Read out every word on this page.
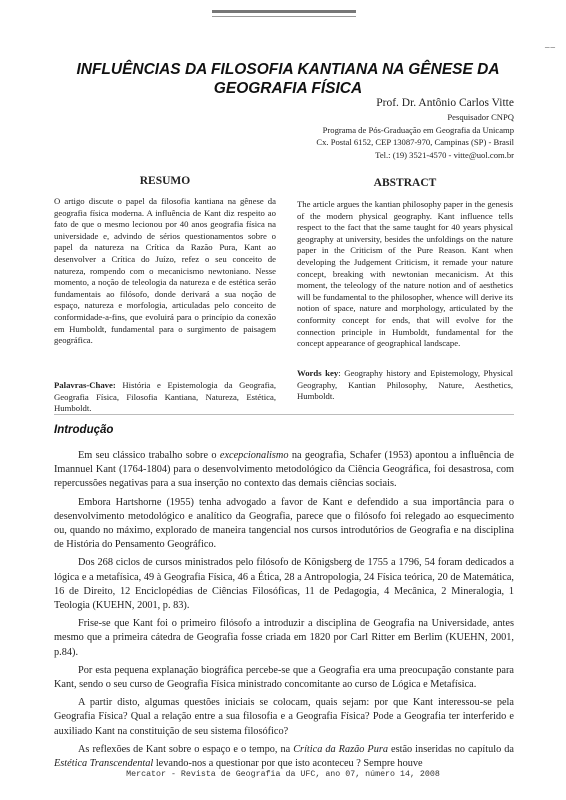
––
INFLUÊNCIAS DA FILOSOFIA KANTIANA NA GÊNESE DA
GEOGRAFIA FÍSICA
Prof. Dr. Antônio Carlos Vitte
Pesquisador CNPQ
Programa de Pós-Graduação em Geografia da Unicamp
Cx. Postal 6152, CEP 13087-970, Campinas (SP) - Brasil
Tel.: (19) 3521-4570 - vitte@uol.com.br
RESUMO

O artigo discute o papel da filosofia kantiana na gênese da geografia física moderna. A influência de Kant diz respeito ao fato de que o mesmo lecionou por 40 anos geografia física na universidade e, advindo de sérios questionamentos sobre o papel da natureza na Crítica da Razão Pura, Kant ao desenvolver a Crítica do Juízo, refez o seu conceito de natureza, rompendo com o mecanicismo newtoniano. Nesse momento, a noção de teleologia da natureza e de estética serão fundamentais ao filósofo, donde derivará a sua noção de espaço, natureza e morfologia, articuladas pelo conceito de conformidade-a-fins, que evoluirá para o princípio da conexão em Humboldt, fundamental para o surgimento de paisagem geográfica.

ABSTRACT

The article argues the kantian philosophy paper in the genesis of the modern physical geography. Kant influence tells respect to the fact that the same taught for 40 years physical geography at university, besides the unfoldings on the nature paper in the Criticism of the Pure Reason. Kant when developing the Judgement Criticism, it remade your nature concept, breaking with newtonian mecanicism. At this moment, the teleology of the nature notion and of aesthetics will be fundamental to the philosopher, whence will derive its notion of space, nature and morphology, articulated by the conformity concept for ends, that will evolve for the connection principle in Humboldt, fundamental for the concept appearance of geographical landscape.

Palavras-Chave: História e Epistemologia da Geografia, Geografia Física, Filosofia Kantiana, Natureza, Estética, Humboldt.

Words key: Geography history and Epistemology, Physical Geography, Kantian Philosophy, Nature, Aesthetics, Humboldt.

Introdução

Em seu clássico trabalho sobre o excepcionalismo na geografia, Schafer (1953) apontou a influência de Imannuel Kant (1764-1804) para o desenvolvimento metodológico da Ciência Geográfica, foi desastrosa, com repercussões negativas para a sua inserção no contexto das demais ciências sociais.

Embora Hartshorne (1955) tenha advogado a favor de Kant e defendido a sua importância para o desenvolvimento metodológico e analítico da Geografia, parece que o filósofo foi relegado ao esquecimento ou, quando no máximo, explorado de maneira tangencial nos cursos introdutórios de Geografia e na disciplina de História do Pensamento Geográfico.

Dos 268 ciclos de cursos ministrados pelo filósofo de Königsberg de 1755 a 1796, 54 foram dedicados a lógica e a metafísica, 49 à Geografia Física, 46 a Ética, 28 a Antropologia, 24 Física teórica, 20 de Matemática, 16 de Direito, 12 Enciclopédias de Ciências Filosóficas, 11 de Pedagogia, 4 Mecânica, 2 Mineralogia, 1 Teologia (KUEHN, 2001, p. 83).

Frise-se que Kant foi o primeiro filósofo a introduzir a disciplina de Geografia na Universidade, antes mesmo que a primeira cátedra de Geografia fosse criada em 1820 por Carl Ritter em Berlim (KUEHN, 2001, p.84).

Por esta pequena explanação biográfica percebe-se que a Geografia era uma preocupação constante para Kant, sendo o seu curso de Geografia Física ministrado concomitante ao curso de Lógica e Metafísica.

A partir disto, algumas questões iniciais se colocam, quais sejam: por que Kant interessou-se pela Geografia Física? Qual a relação entre a sua filosofia e a Geografia Física? Pode a Geografia ter interferido e auxiliado Kant na constituição de seu sistema filosófico?

As reflexões de Kant sobre o espaço e o tempo, na Crítica da Razão Pura estão inseridas no capítulo da Estética Transcendental levando-nos a questionar por que isto aconteceu ? Sempre houve

Mercator - Revista de Geografia da UFC, ano 07, número 14, 2008
